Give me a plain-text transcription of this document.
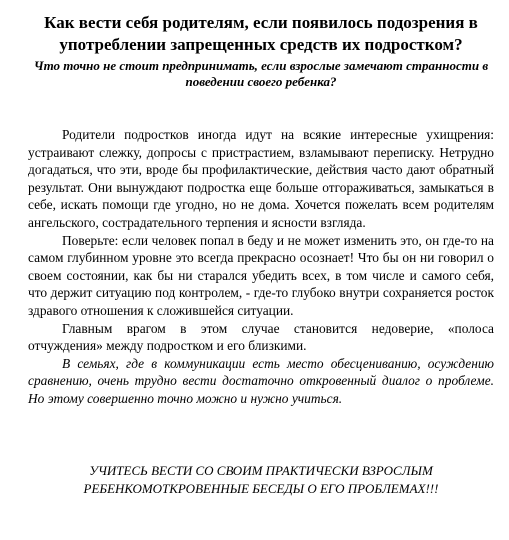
Как вести себя родителям, если появилось подозрения в употреблении запрещенных средств их подростком?

Что точно не стоит предпринимать, если взрослые замечают странности в поведении своего ребенка?

Родители подростков иногда идут на всякие интересные ухищрения: устраивают слежку, допросы с пристрастием, взламывают переписку. Нетрудно догадаться, что эти, вроде бы профилактические, действия часто дают обратный результат. Они вынуждают подростка еще больше отгораживаться, замыкаться в себе, искать помощи где угодно, но не дома. Хочется пожелать всем родителям ангельского, сострадательного терпения и ясности взгляда.

Поверьте: если человек попал в беду и не может изменить это, он где-то на самом глубинном уровне это всегда прекрасно осознает! Что бы он ни говорил о своем состоянии, как бы ни старался убедить всех, в том числе и самого себя, что держит ситуацию под контролем, - где-то глубоко внутри сохраняется росток здравого отношения к сложившейся ситуации.

Главным врагом в этом случае становится недоверие, «полоса отчуждения» между подростком и его близкими.

В семьях, где в коммуникации есть место обесцениванию, осуждению сравнению, очень трудно вести достаточно откровенный диалог о проблеме. Но этому совершенно точно можно и нужно учиться.

УЧИТЕСЬ ВЕСТИ СО СВОИМ ПРАКТИЧЕСКИ ВЗРОСЛЫМ РЕБЕНКОМОТКРОВЕННЫЕ БЕСЕДЫ О ЕГО ПРОБЛЕМАХ!!!
